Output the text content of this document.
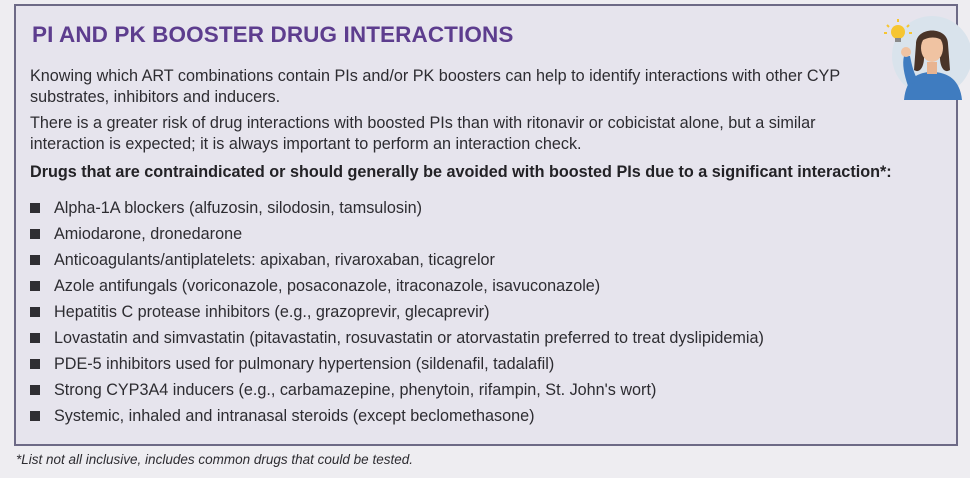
PI AND PK BOOSTER DRUG INTERACTIONS

Knowing which ART combinations contain PIs and/or PK boosters can help to identify interactions with other CYP substrates, inhibitors and inducers.

There is a greater risk of drug interactions with boosted PIs than with ritonavir or cobicistat alone, but a similar interaction is expected; it is always important to perform an interaction check.

Drugs that are contraindicated or should generally be avoided with boosted PIs due to a significant interaction*:

Alpha-1A blockers (alfuzosin, silodosin, tamsulosin)
Amiodarone, dronedarone
Anticoagulants/antiplatelets: apixaban, rivaroxaban, ticagrelor
Azole antifungals (voriconazole, posaconazole, itraconazole, isavuconazole)
Hepatitis C protease inhibitors (e.g., grazoprevir, glecaprevir)
Lovastatin and simvastatin (pitavastatin, rosuvastatin or atorvastatin preferred to treat dyslipidemia)
PDE-5 inhibitors used for pulmonary hypertension (sildenafil, tadalafil)
Strong CYP3A4 inducers (e.g., carbamazepine, phenytoin, rifampin, St. John's wort)
Systemic, inhaled and intranasal steroids (except beclomethasone)

*List not all inclusive, includes common drugs that could be tested.
